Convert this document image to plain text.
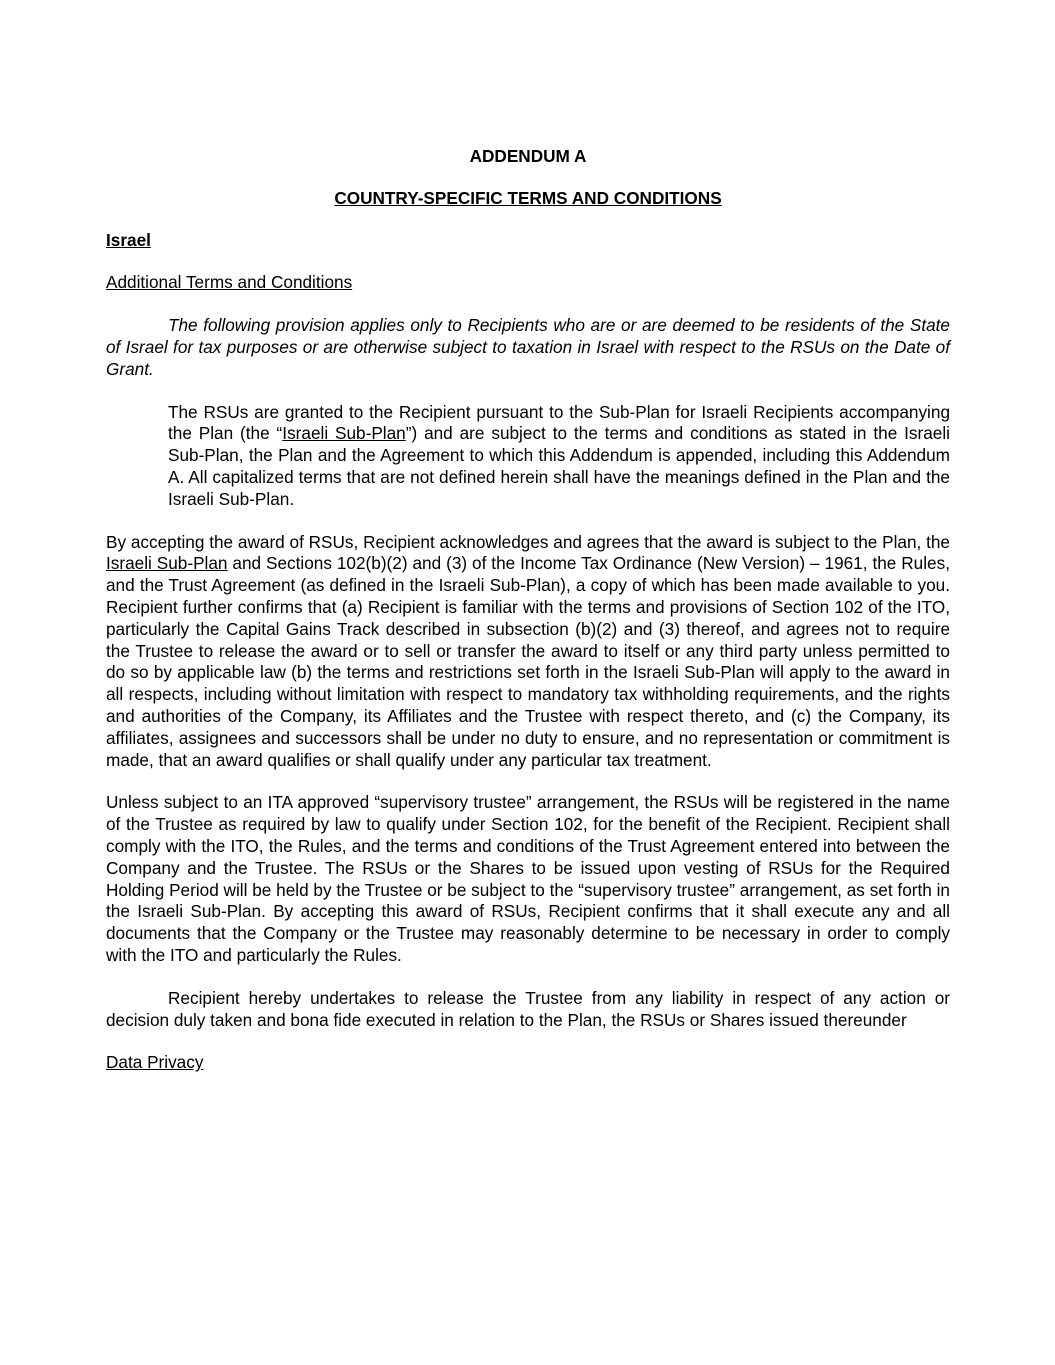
ADDENDUM A

COUNTRY-SPECIFIC TERMS AND CONDITIONS

Israel

Additional Terms and Conditions

The following provision applies only to Recipients who are or are deemed to be residents of the State of Israel for tax purposes or are otherwise subject to taxation in Israel with respect to the RSUs on the Date of Grant.

The RSUs are granted to the Recipient pursuant to the Sub-Plan for Israeli Recipients accompanying the Plan (the “Israeli Sub-Plan”) and are subject to the terms and conditions as stated in the Israeli Sub-Plan, the Plan and the Agreement to which this Addendum is appended, including this Addendum A. All capitalized terms that are not defined herein shall have the meanings defined in the Plan and the Israeli Sub-Plan.

By accepting the award of RSUs, Recipient acknowledges and agrees that the award is subject to the Plan, the Israeli Sub-Plan and Sections 102(b)(2) and (3) of the Income Tax Ordinance (New Version) – 1961, the Rules, and the Trust Agreement (as defined in the Israeli Sub-Plan), a copy of which has been made available to you. Recipient further confirms that (a) Recipient is familiar with the terms and provisions of Section 102 of the ITO, particularly the Capital Gains Track described in subsection (b)(2) and (3) thereof, and agrees not to require the Trustee to release the award or to sell or transfer the award to itself or any third party unless permitted to do so by applicable law (b) the terms and restrictions set forth in the Israeli Sub-Plan will apply to the award in all respects, including without limitation with respect to mandatory tax withholding requirements, and the rights and authorities of the Company, its Affiliates and the Trustee with respect thereto, and (c) the Company, its affiliates, assignees and successors shall be under no duty to ensure, and no representation or commitment is made, that an award qualifies or shall qualify under any particular tax treatment.

Unless subject to an ITA approved “supervisory trustee” arrangement, the RSUs will be registered in the name of the Trustee as required by law to qualify under Section 102, for the benefit of the Recipient. Recipient shall comply with the ITO, the Rules, and the terms and conditions of the Trust Agreement entered into between the Company and the Trustee. The RSUs or the Shares to be issued upon vesting of RSUs for the Required Holding Period will be held by the Trustee or be subject to the “supervisory trustee” arrangement, as set forth in the Israeli Sub-Plan. By accepting this award of RSUs, Recipient confirms that it shall execute any and all documents that the Company or the Trustee may reasonably determine to be necessary in order to comply with the ITO and particularly the Rules.

Recipient hereby undertakes to release the Trustee from any liability in respect of any action or decision duly taken and bona fide executed in relation to the Plan, the RSUs or Shares issued thereunder

Data Privacy
